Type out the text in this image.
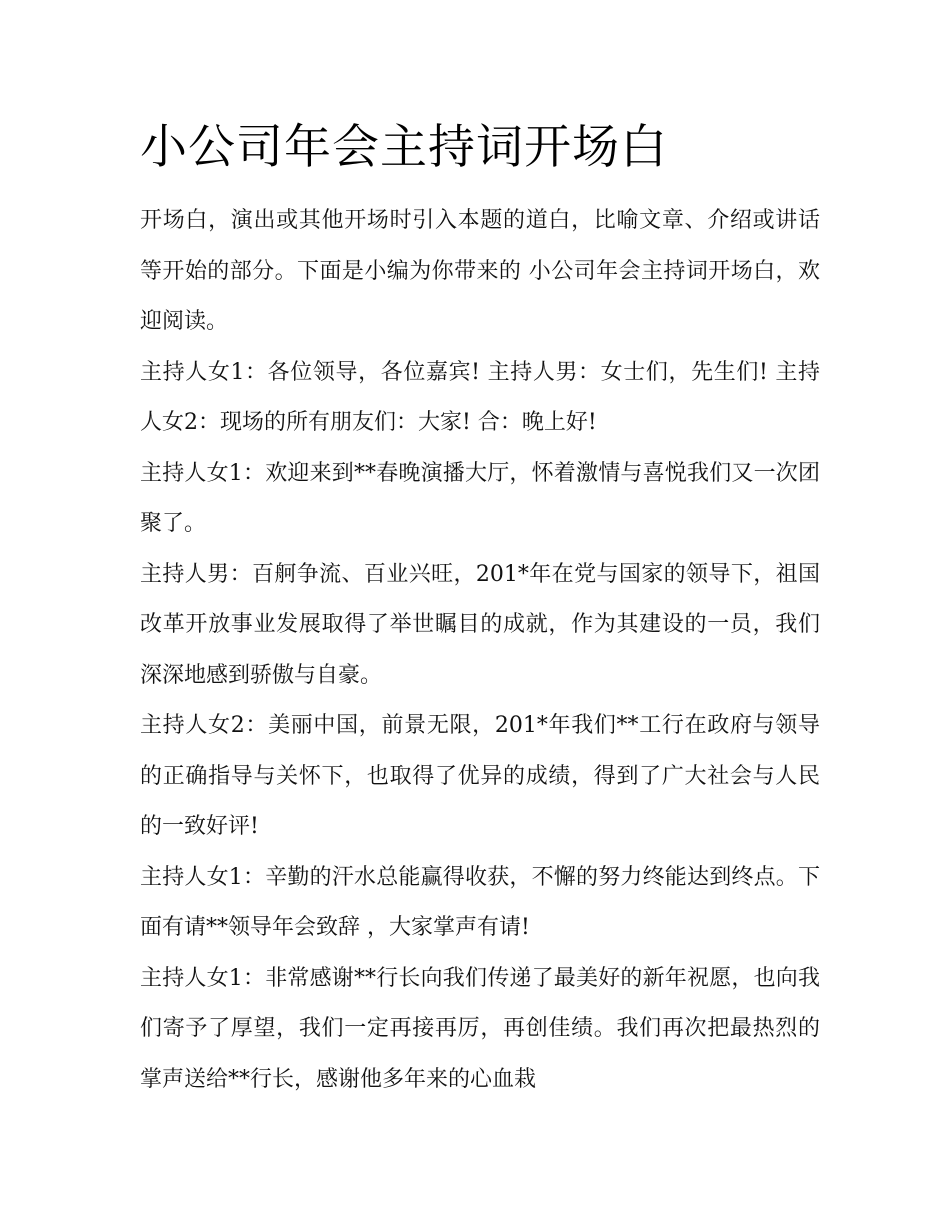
小公司年会主持词开场白

开场白，演出或其他开场时引入本题的道白，比喻文章、介绍或讲话等开始的部分。下面是小编为你带来的 小公司年会主持词开场白，欢迎阅读。

主持人女1：各位领导，各位嘉宾! 主持人男：女士们，先生们! 主持人女2：现场的所有朋友们：大家! 合：晚上好!

主持人女1：欢迎来到**春晚演播大厅，怀着激情与喜悦我们又一次团聚了。

主持人男：百舸争流、百业兴旺，201*年在党与国家的领导下，祖国改革开放事业发展取得了举世瞩目的成就，作为其建设的一员，我们深深地感到骄傲与自豪。

主持人女2：美丽中国，前景无限，201*年我们**工行在政府与领导的正确指导与关怀下，也取得了优异的成绩，得到了广大社会与人民的一致好评!

主持人女1：辛勤的汗水总能赢得收获，不懈的努力终能达到终点。下面有请**领导年会致辞 ，大家掌声有请!

主持人女1：非常感谢**行长向我们传递了最美好的新年祝愿，也向我们寄予了厚望，我们一定再接再厉，再创佳绩。我们再次把最热烈的掌声送给**行长，感谢他多年来的心血栽
